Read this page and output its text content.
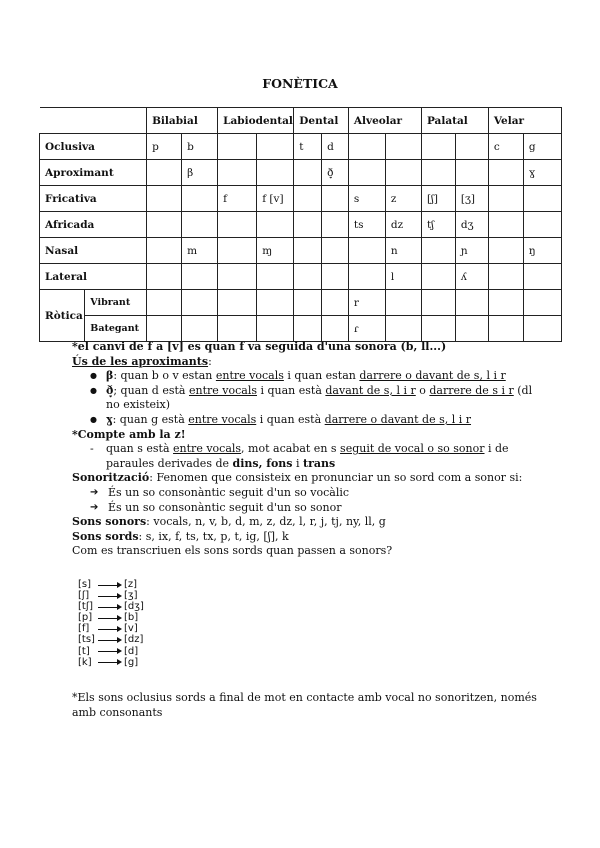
FONÈTICA
		Bilabial		Labiodental		Dental		Alveolar		Palatal		Velar	
Oclusiva		p	b			t	d					c	g
Aproximant			β				ð̞						ɣ
Fricativa				f	f [v]			s	z	[ʃ]	[ʒ]		
Africada								ts	dz	tʃ	dʒ		
Nasal			m		ɱ				n		ɲ		ŋ
Lateral									l		ʎ		
Ròtica	Vibrant							r					
	Bategant							ɾ					

*el canvi de f a [v] es quan f va seguida d'una sonora (b, ll...)

Ús de les aproximants:

● β: quan b o v estan entre vocals i quan estan darrere o davant de s, l i r
● ð̞; quan d està entre vocals i quan està davant de s, l i r o darrere de s i r (dl no existeix)
● ɣ: quan g està entre vocals i quan està darrere o davant de s, l i r

*Compte amb la z!

- quan s està entre vocals, mot acabat en s seguit de vocal o so sonor i de paraules derivades de dins, fons i trans

Sonorització: Fenomen que consisteix en pronunciar un so sord com a sonor si:

➔ És un so consonàntic seguit d'un so vocàlic
➔ És un so consonàntic seguit d'un so sonor

Sons sonors: vocals, n, v, b, d, m, z, dz, l, r, j, tj, ny, ll, g

Sons sords: s, ix, f, ts, tx, p, t, ig, [ʃ], k

Com es transcriuen els sons sords quan passen a sonors?

[s]	[z]
[ʃ]	[ʒ]
[tʃ]	[dʒ]
[p]	[b]
[f]	[v]
[ts]	[dz]
[t]	[d]
[k]	[g]
*Els sons oclusius sords a final de mot en contacte amb vocal no sonoritzen, només amb consonants
